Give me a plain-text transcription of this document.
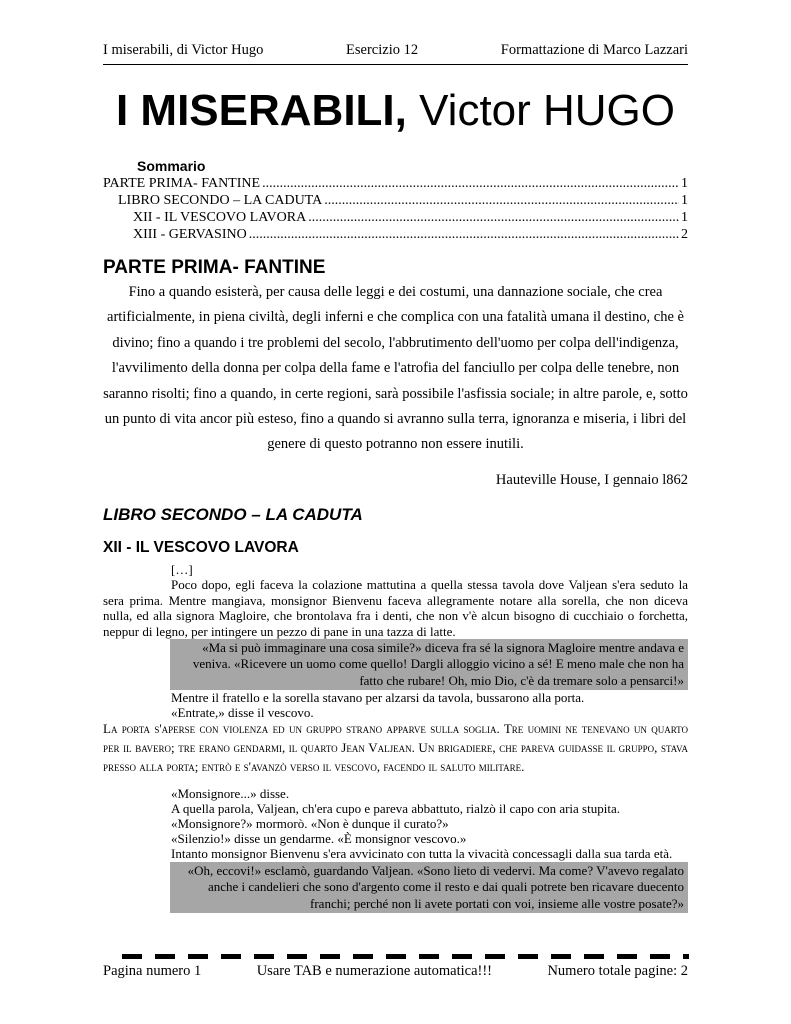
I miserabili, di Victor Hugo	Esercizio 12	Formattazione di Marco Lazzari
I MISERABILI, Victor HUGO
Sommario
PARTE PRIMA- FANTINE .....	1
LIBRO SECONDO – LA CADUTA .....	1
XII - IL VESCOVO LAVORA .....	1
XIII - GERVASINO .....	2
PARTE PRIMA- FANTINE

Fino a quando esisterà, per causa delle leggi e dei costumi, una dannazione sociale, che crea artificialmente, in piena civiltà, degli inferni e che complica con una fatalità umana il destino, che è divino; fino a quando i tre problemi del secolo, l'abbrutimento dell'uomo per colpa dell'indigenza, l'avvilimento della donna per colpa della fame e l'atrofia del fanciullo per colpa delle tenebre, non saranno risolti; fino a quando, in certe regioni, sarà possibile l'asfissia sociale; in altre parole, e, sotto un punto di vita ancor più esteso, fino a quando si avranno sulla terra, ignoranza e miseria, i libri del genere di questo potranno non essere inutili.

Hauteville House, I gennaio l862
LIBRO SECONDO – LA CADUTA
XII - IL VESCOVO LAVORA
[…]

Poco dopo, egli faceva la colazione mattutina a quella stessa tavola dove Valjean s'era seduto la sera prima. Mentre mangiava, monsignor Bienvenu faceva allegramente notare alla sorella, che non diceva nulla, ed alla signora Magloire, che brontolava fra i denti, che non v'è alcun bisogno di cucchiaio o forchetta, neppur di legno, per intingere un pezzo di pane in una tazza di latte.

«Ma si può immaginare una cosa simile?» diceva fra sé la signora Magloire mentre andava e veniva. «Ricevere un uomo come quello! Dargli alloggio vicino a sé! E meno male che non ha fatto che rubare! Oh, mio Dio, c'è da tremare solo a pensarci!»

Mentre il fratello e la sorella stavano per alzarsi da tavola, bussarono alla porta.
«Entrate,» disse il vescovo.

La porta s'aperse con violenza ed un gruppo strano apparve sulla soglia. Tre uomini ne tenevano un quarto per il bavero; tre erano gendarmi, il quarto Jean Valjean. Un brigadiere, che pareva guidasse il gruppo, stava presso alla porta; entrò e s'avanzò verso il vescovo, facendo il saluto militare.

«Monsignore...» disse.
A quella parola, Valjean, ch'era cupo e pareva abbattuto, rialzò il capo con aria stupita.
«Monsignore?» mormorò. «Non è dunque il curato?»
«Silenzio!» disse un gendarme. «È monsignor vescovo.»
Intanto monsignor Bienvenu s'era avvicinato con tutta la vivacità concessagli dalla sua tarda età.

«Oh, eccovi!» esclamò, guardando Valjean. «Sono lieto di vedervi. Ma come? V'avevo regalato anche i candelieri che sono d'argento come il resto e dai quali potrete ben ricavare duecento franchi; perché non li avete portati con voi, insieme alle vostre posate?»

Pagina numero 1	Usare TAB e numerazione automatica!!!	Numero totale pagine: 2
